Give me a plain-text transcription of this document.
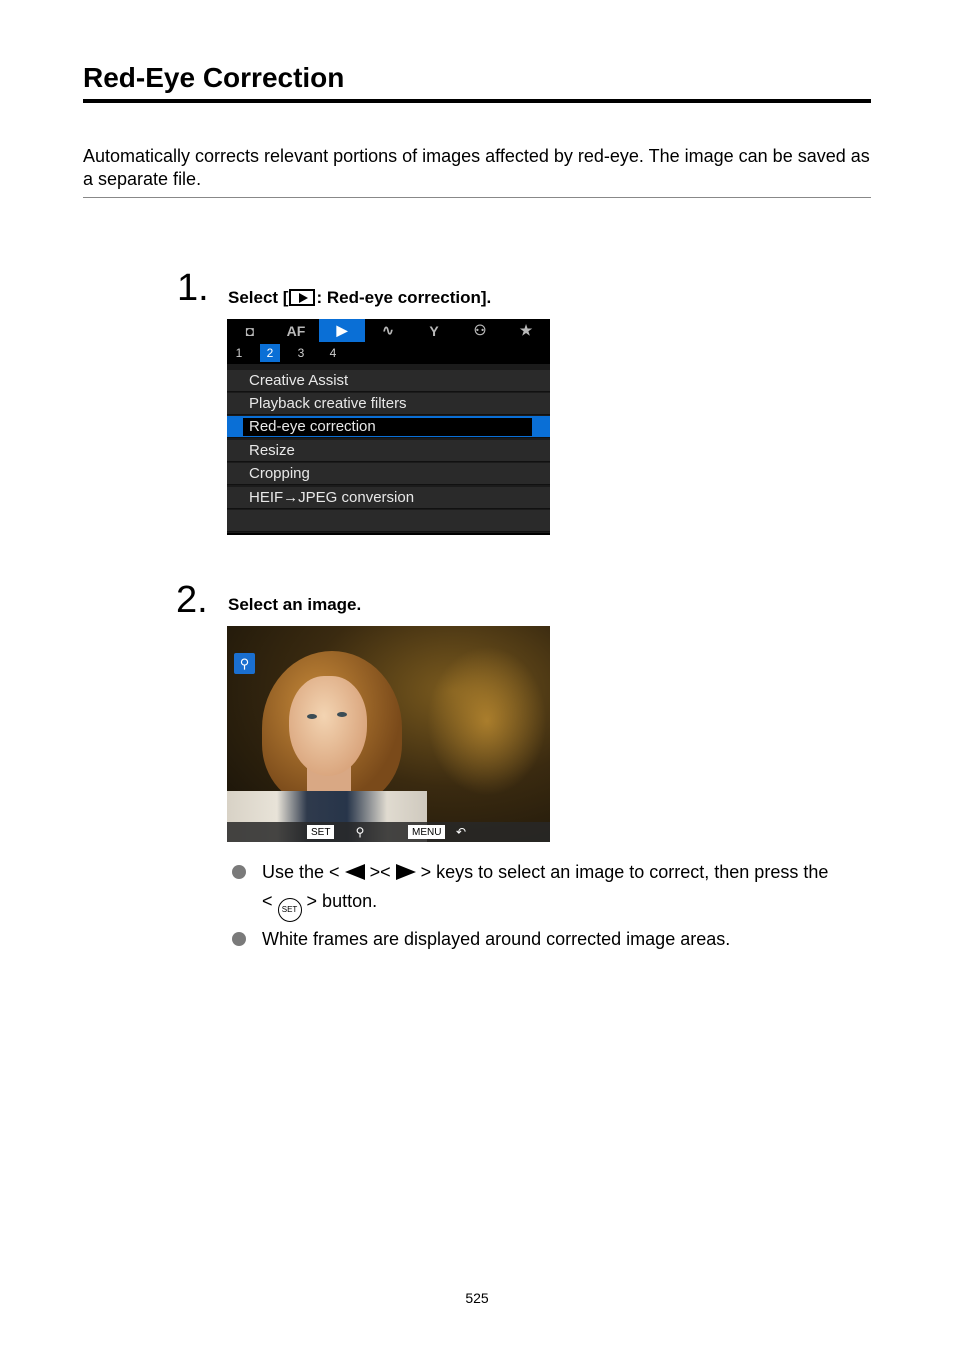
Red-Eye Correction

Automatically corrects relevant portions of images affected by red-eye. The image can be saved as a separate file.

1. Select [ : Red-eye correction].
◘	AF	▶	∿	Y	⚇	★
1	2	3	4
Creative Assist
Playback creative filters
Red-eye correction
Resize
Cropping
HEIF→JPEG conversion
2. Select an image.
⚲
SET	⚲	MENU	↶
Use the < >< > keys to select an image to correct, then press the
< SET > button.
White frames are displayed around corrected image areas.
525
